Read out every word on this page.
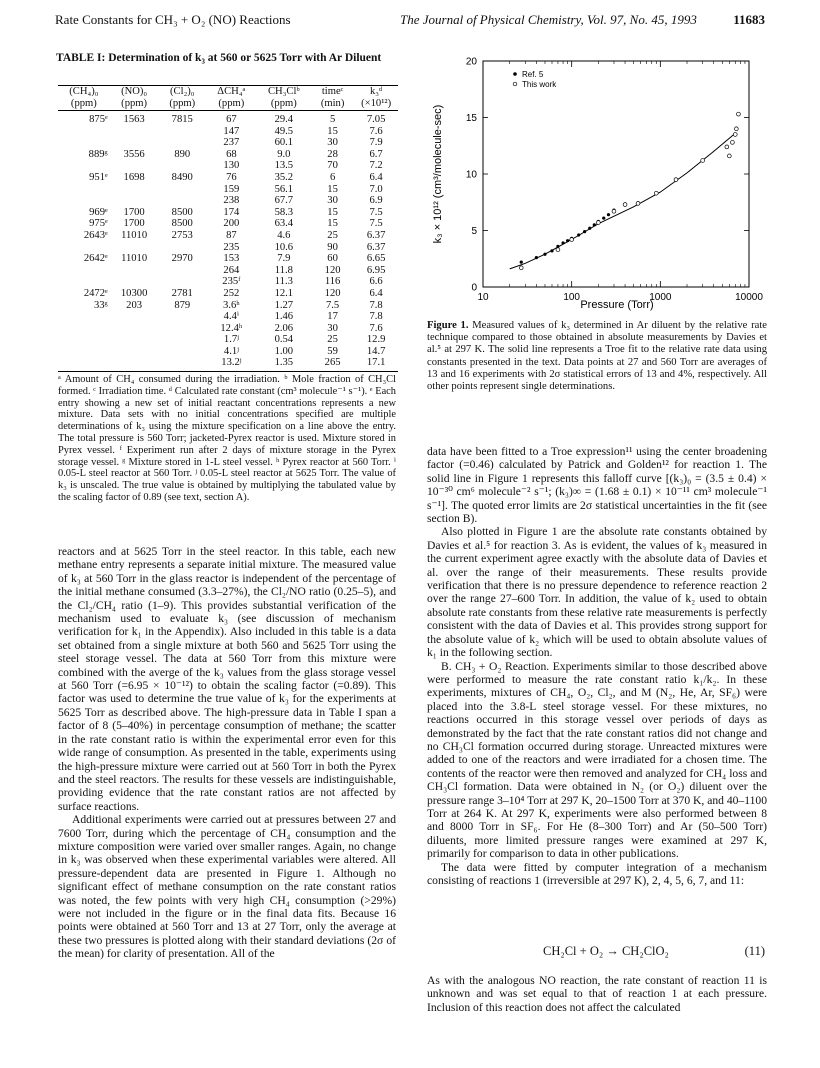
Rate Constants for CH₃ + O₂ (NO) Reactions	The Journal of Physical Chemistry, Vol. 97, No. 45, 1993	11683
TABLE I: Determination of k₃ at 560 or 5625 Torr with Ar Diluent
(CH₄)₀ (ppm)	(NO)₀ (ppm)	(Cl₂)₀ (ppm)	ΔCH₄ᵃ (ppm)	CH₃Clᵇ (ppm)	timeᶜ (min)	k₃ᵈ (×10¹²)
875ᵉ	1563	7815	67	29.4	5	7.05
			147	49.5	15	7.6
			237	60.1	30	7.9
889ᵍ	3556	890	68	9.0	28	6.7
			130	13.5	70	7.2
951ᵉ	1698	8490	76	35.2	6	6.4
			159	56.1	15	7.0
			238	67.7	30	6.9
969ᵉ	1700	8500	174	58.3	15	7.5
975ᵉ	1700	8500	200	63.4	15	7.5
2643ᵉ	11010	2753	87	4.6	25	6.37
			235	10.6	90	6.37
2642ᵉ	11010	2970	153	7.9	60	6.65
			264	11.8	120	6.95
			235ᶠ	11.3	116	6.6
2472ᵉ	10300	2781	252	12.1	120	6.4
33ᵍ	203	879	3.6ʰ	1.27	7.5	7.8
			4.4ⁱ	1.46	17	7.8
			12.4ʰ	2.06	30	7.6
			1.7ʲ	0.54	25	12.9
			4.1ʲ	1.00	59	14.7
			13.2ʲ	1.35	265	17.1
ᵃ Amount of CH₄ consumed during the irradiation. ᵇ Mole fraction of CH₃Cl formed. ᶜ Irradiation time. ᵈ Calculated rate constant (cm³ molecule⁻¹ s⁻¹). ᵉ Each entry showing a new set of initial reactant concentrations represents a new mixture. Data sets with no initial concentrations specified are multiple determinations of k₃ using the mixture specification on a line above the entry. The total pressure is 560 Torr; jacketed-Pyrex reactor is used. Mixture stored in Pyrex vessel. ᶠ Experiment run after 2 days of mixture storage in the Pyrex storage vessel. ᵍ Mixture stored in 1-L steel vessel. ʰ Pyrex reactor at 560 Torr. ⁱ 0.05-L steel reactor at 560 Torr. ʲ 0.05-L steel reactor at 5625 Torr. The value of k₃ is unscaled. The true value is obtained by multiplying the tabulated value by the scaling factor of 0.89 (see text, section A).

reactors and at 5625 Torr in the steel reactor. In this table, each new methane entry represents a separate initial mixture. The measured value of k₃ at 560 Torr in the glass reactor is independent of the percentage of the initial methane consumed (3.3–27%), the Cl₂/NO ratio (0.25–5), and the Cl₂/CH₄ ratio (1–9). This provides substantial verification of the mechanism used to evaluate k₃ (see discussion of mechanism verification for k₁ in the Appendix). Also included in this table is a data set obtained from a single mixture at both 560 and 5625 Torr using the steel storage vessel. The data at 560 Torr from this mixture were combined with the averge of the k₃ values from the glass storage vessel at 560 Torr (=6.95 × 10⁻¹²) to obtain the scaling factor (=0.89). This factor was used to determine the true value of k₃ for the experiments at 5625 Torr as described above. The high-pressure data in Table I span a factor of 8 (5–40%) in percentage consumption of methane; the scatter in the rate constant ratio is within the experimental error even for this wide range of consumption. As presented in the table, experiments using the high-pressure mixture were carried out at 560 Torr in both the Pyrex and the steel reactors. The results for these vessels are indistinguishable, providing evidence that the rate constant ratios are not affected by surface reactions.

Additional experiments were carried out at pressures between 27 and 7600 Torr, during which the percentage of CH₄ consumption and the mixture composition were varied over smaller ranges. Again, no change in k₃ was observed when these experimental variables were altered. All pressure-dependent data are presented in Figure 1. Although no significant effect of methane consumption on the rate constant ratios was noted, the few points with very high CH₄ consumption (>29%) were not included in the figure or in the final data fits. Because 16 points were obtained at 560 Torr and 13 at 27 Torr, only the average at these two pressures is plotted along with their standard deviations (2σ of the mean) for clarity of presentation. All of the

0
5
10
15
20
10	100	1000	10000
Ref. 5
This work
Pressure (Torr)
k₃ × 10¹² (cm³/molecule-sec)
Figure 1. Measured values of k₃ determined in Ar diluent by the relative rate technique compared to those obtained in absolute measurements by Davies et al.⁵ at 297 K. The solid line represents a Troe fit to the relative rate data using constants presented in the text. Data points at 27 and 560 Torr are averages of 13 and 16 experiments with 2σ statistical errors of 13 and 4%, respectively. All other points represent single determinations.

data have been fitted to a Troe expression¹¹ using the center broadening factor (=0.46) calculated by Patrick and Golden¹² for reaction 1. The solid line in Figure 1 represents this falloff curve [(k₃)₀ = (3.5 ± 0.4) × 10⁻³⁰ cm⁶ molecule⁻² s⁻¹; (k₃)∞ = (1.68 ± 0.1) × 10⁻¹¹ cm³ molecule⁻¹ s⁻¹]. The quoted error limits are 2σ statistical uncertainties in the fit (see section B).

Also plotted in Figure 1 are the absolute rate constants obtained by Davies et al.⁵ for reaction 3. As is evident, the values of k₃ measured in the current experiment agree exactly with the absolute data of Davies et al. over the range of their measurements. These results provide verification that there is no pressure dependence to reference reaction 2 over the range 27–600 Torr. In addition, the value of k₂ used to obtain absolute rate constants from these relative rate measurements is perfectly consistent with the data of Davies et al. This provides strong support for the absolute value of k₂ which will be used to obtain absolute values of k₁ in the following section.

B. CH₃ + O₂ Reaction. Experiments similar to those described above were performed to measure the rate constant ratio k₁/k₂. In these experiments, mixtures of CH₄, O₂, Cl₂, and M (N₂, He, Ar, SF₆) were placed into the 3.8-L steel storage vessel. For these mixtures, no reactions occurred in this storage vessel over periods of days as demonstrated by the fact that the rate constant ratios did not change and no CH₃Cl formation occurred during storage. Unreacted mixtures were added to one of the reactors and were irradiated for a chosen time. The contents of the reactor were then removed and analyzed for CH₄ loss and CH₃Cl formation. Data were obtained in N₂ (or O₂) diluent over the pressure range 3–10⁴ Torr at 297 K, 20–1500 Torr at 370 K, and 40–1100 Torr at 264 K. At 297 K, experiments were also performed between 8 and 8000 Torr in SF₆. For He (8–300 Torr) and Ar (50–500 Torr) diluents, more limited pressure ranges were examined at 297 K, primarily for comparison to data in other publications.

The data were fitted by computer integration of a mechanism consisting of reactions 1 (irreversible at 297 K), 2, 4, 5, 6, 7, and 11:

CH₂Cl + O₂ → CH₂ClO₂	(11)

As with the analogous NO reaction, the rate constant of reaction 11 is unknown and was set equal to that of reaction 1 at each pressure. Inclusion of this reaction does not affect the calculated
